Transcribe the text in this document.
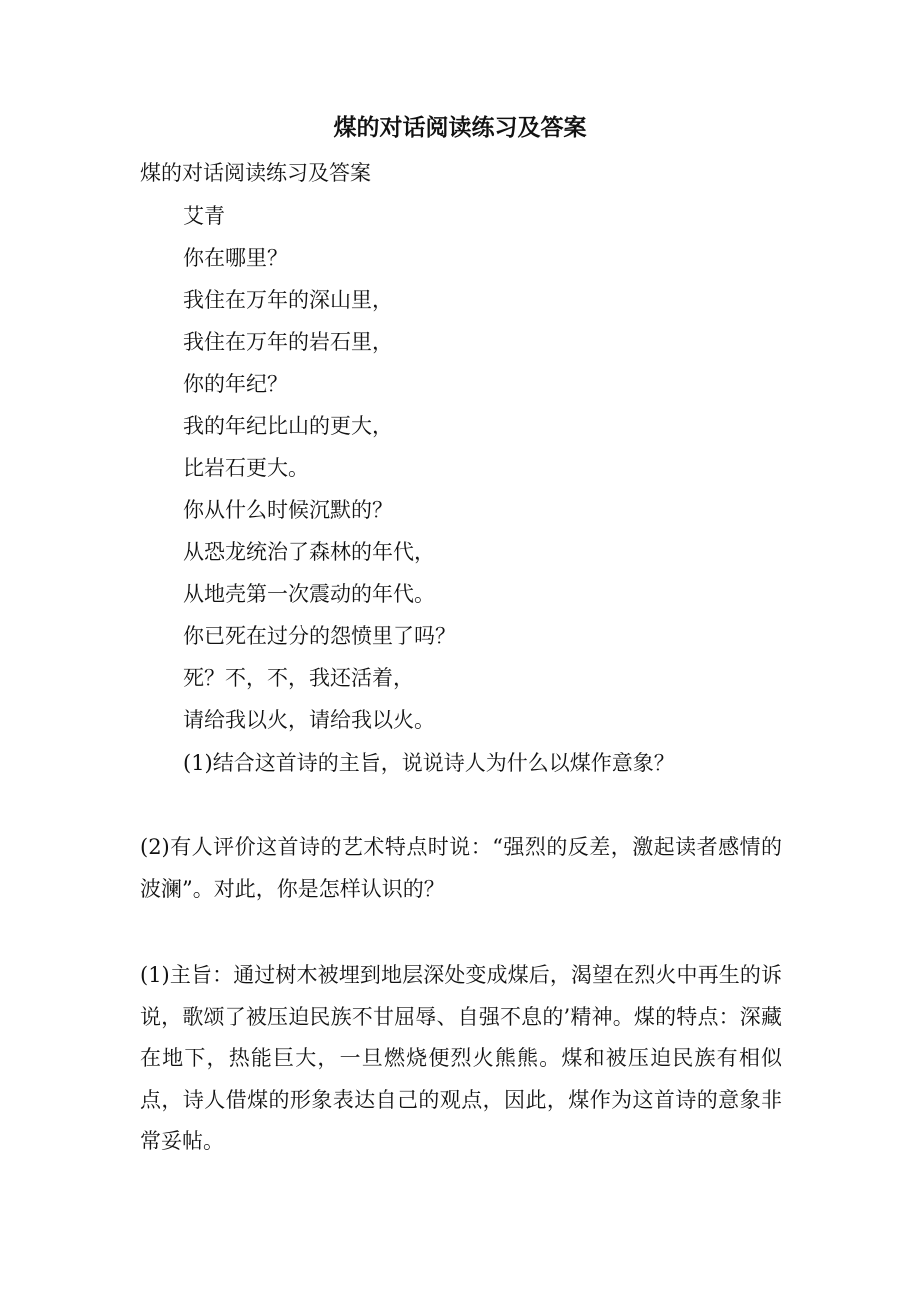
煤的对话阅读练习及答案
煤的对话阅读练习及答案
艾青
你在哪里？
我住在万年的深山里，
我住在万年的岩石里，
你的年纪？
我的年纪比山的更大，
比岩石更大。
你从什么时候沉默的？
从恐龙统治了森林的年代，
从地壳第一次震动的年代。
你已死在过分的怨愤里了吗？
死？不，不，我还活着，
请给我以火，请给我以火。
(1)结合这首诗的主旨，说说诗人为什么以煤作意象？
(2)有人评价这首诗的艺术特点时说：“强烈的反差，激起读者感情的波澜”。对此，你是怎样认识的？
(1)主旨：通过树木被埋到地层深处变成煤后，渴望在烈火中再生的诉说，歌颂了被压迫民族不甘屈辱、自强不息的’精神。煤的特点：深藏在地下，热能巨大，一旦燃烧便烈火熊熊。煤和被压迫民族有相似点，诗人借煤的形象表达自己的观点，因此，煤作为这首诗的意象非常妥帖。
